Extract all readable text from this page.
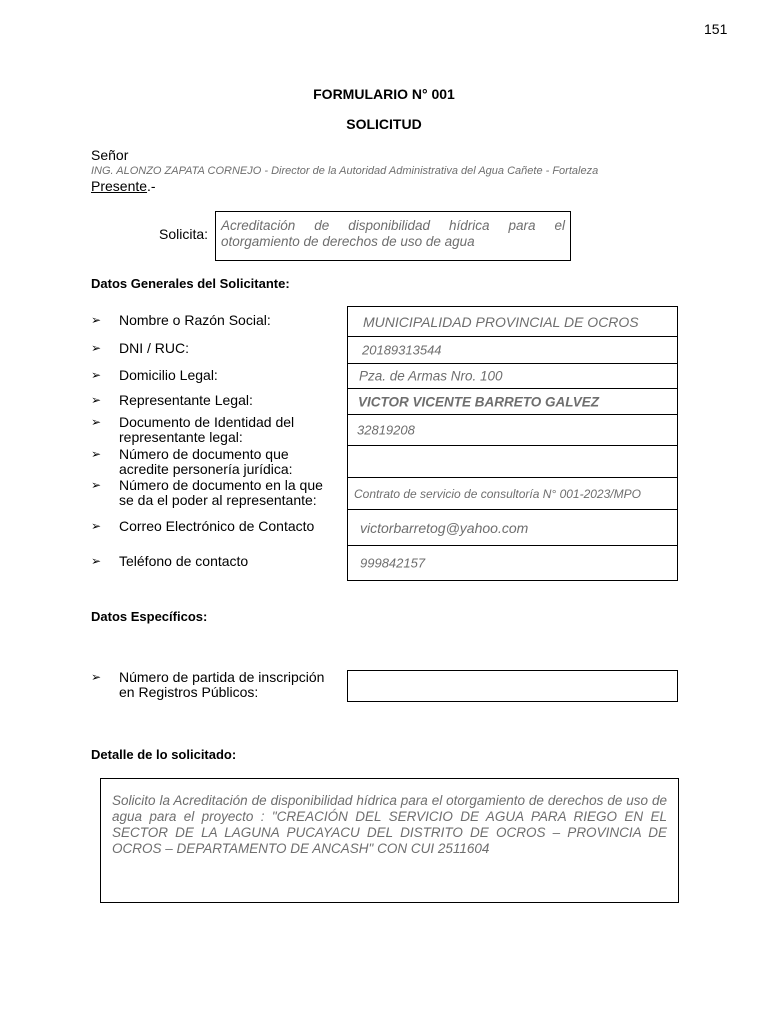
151
FORMULARIO N° 001
SOLICITUD
Señor
ING. ALONZO ZAPATA CORNEJO - Director de la Autoridad Administrativa del Agua Cañete - Fortaleza
Presente.-
Solicita:
Acreditación de disponibilidad hídrica para el
otorgamiento de derechos de uso de agua
Datos Generales del Solicitante:
➢ Nombre o Razón Social:
➢ DNI / RUC:
➢ Domicilio Legal:
➢ Representante Legal:
➢ Documento de Identidad del
representante legal:
➢ Número de documento que
acredite personería jurídica:
➢ Número de documento en la que
se da el poder al representante:
➢ Correo Electrónico de Contacto
➢ Teléfono de contacto
MUNICIPALIDAD PROVINCIAL DE OCROS
20189313544
Pza. de Armas Nro. 100
VICTOR VICENTE BARRETO GALVEZ
32819208
Contrato de servicio de consultoría N° 001-2023/MPO
victorbarretog@yahoo.com
999842157
Datos Específicos:
➢ Número de partida de inscripción
en Registros Públicos:
Detalle de lo solicitado:

Solicito la Acreditación de disponibilidad hídrica para el otorgamiento de derechos de uso de agua para el proyecto : "CREACIÓN DEL SERVICIO DE AGUA PARA RIEGO EN EL SECTOR DE LA LAGUNA PUCAYACU DEL DISTRITO DE OCROS – PROVINCIA DE OCROS – DEPARTAMENTO DE ANCASH" CON CUI 2511604
